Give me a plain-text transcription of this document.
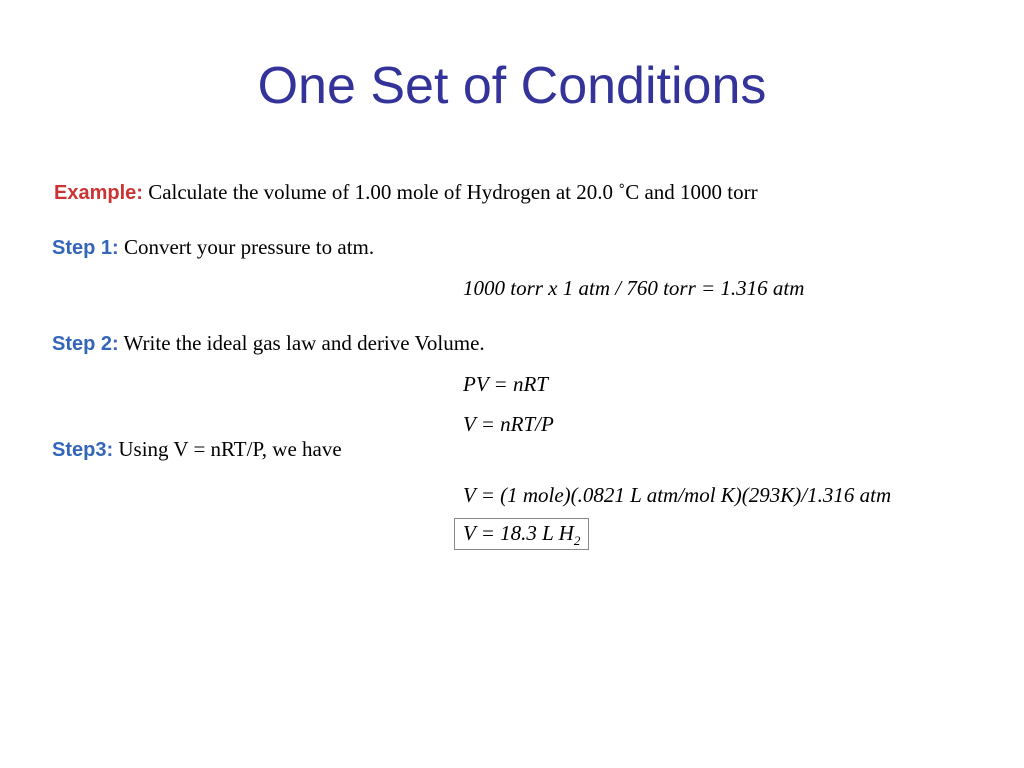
One Set of Conditions
Example: Calculate the volume of 1.00 mole of Hydrogen at 20.0 ˚C and 1000 torr
Step 1: Convert your pressure to atm.
1000 torr x 1 atm / 760 torr = 1.316 atm
Step 2: Write the ideal gas law and derive Volume.
PV = nRT
V = nRT/P
Step3: Using V = nRT/P, we have
V = (1 mole)(.0821 L atm/mol K)(293K)/1.316 atm
V = 18.3 L $H_2$
